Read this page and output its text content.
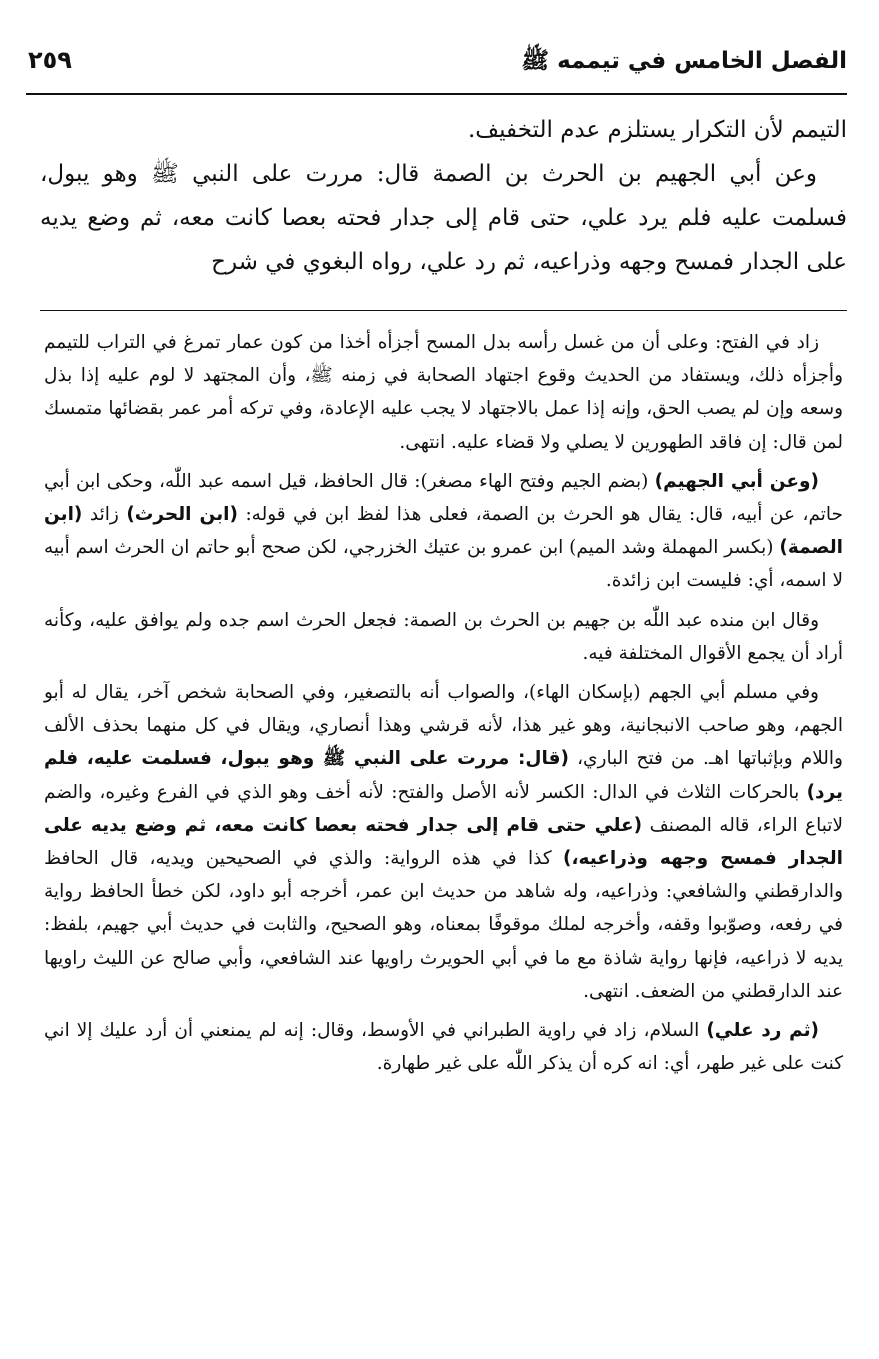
الفصل الخامس في تيممه ﷺ
٢٥٩

التيمم لأن التكرار يستلزم عدم التخفيف.

وعن أبي الجهيم بن الحرث بن الصمة قال: مررت على النبي ﷺ وهو يبول، فسلمت عليه فلم يرد علي، حتى قام إلى جدار فحته بعصا كانت معه، ثم وضع يديه على الجدار فمسح وجهه وذراعيه، ثم رد علي، رواه البغوي في شرح

زاد في الفتح: وعلى أن من غسل رأسه بدل المسح أجزأه أخذا من كون عمار تمرغ في التراب للتيمم وأجزأه ذلك، ويستفاد من الحديث وقوع اجتهاد الصحابة في زمنه ﷺ، وأن المجتهد لا لوم عليه إذا بذل وسعه وإن لم يصب الحق، وإنه إذا عمل بالاجتهاد لا يجب عليه الإعادة، وفي تركه أمر عمر بقضائها متمسك لمن قال: إن فاقد الطهورين لا يصلي ولا قضاء عليه. انتهى.

(وعن أبي الجهيم) (بضم الجيم وفتح الهاء مصغر): قال الحافظ، قيل اسمه عبد اللّٰه، وحكى ابن أبي حاتم، عن أبيه، قال: يقال هو الحرث بن الصمة، فعلى هذا لفظ ابن في قوله: (ابن الحرث) زائد (ابن الصمة) (بكسر المهملة وشد الميم) ابن عمرو بن عتيك الخزرجي، لكن صحح أبو حاتم ان الحرث اسم أبيه لا اسمه، أي: فليست ابن زائدة.

وقال ابن منده عبد اللّٰه بن جهيم بن الحرث بن الصمة: فجعل الحرث اسم جده ولم يوافق عليه، وكأنه أراد أن يجمع الأقوال المختلفة فيه.

وفي مسلم أبي الجهم (بإسكان الهاء)، والصواب أنه بالتصغير، وفي الصحابة شخص آخر، يقال له أبو الجهم، وهو صاحب الانبجانية، وهو غير هذا، لأنه قرشي وهذا أنصاري، ويقال في كل منهما بحذف الألف واللام وبإثباتها اهـ. من فتح الباري، (قال: مررت على النبي ﷺ وهو يبول، فسلمت عليه، فلم يرد) بالحركات الثلاث في الدال: الكسر لأنه الأصل والفتح: لأنه أخف وهو الذي في الفرع وغيره، والضم لاتباع الراء، قاله المصنف (علي حتى قام إلى جدار فحته بعصا كانت معه، ثم وضع يديه على الجدار فمسح وجهه وذراعيه،) كذا في هذه الرواية: والذي في الصحيحين ويديه، قال الحافظ والدارقطني والشافعي: وذراعيه، وله شاهد من حديث ابن عمر، أخرجه أبو داود، لكن خطأ الحافظ رواية في رفعه، وصوّبوا وقفه، وأخرجه لملك موقوفًا بمعناه، وهو الصحيح، والثابت في حديث أبي جهيم، بلفظ: يديه لا ذراعيه، فإنها رواية شاذة مع ما في أبي الحويرث راويها عند الشافعي، وأبي صالح عن الليث راويها عند الدارقطني من الضعف. انتهى.

(ثم رد علي) السلام، زاد في راوية الطبراني في الأوسط، وقال: إنه لم يمنعني أن أرد عليك إلا اني كنت على غير طهر، أي: انه كره أن يذكر اللّٰه على غير طهارة.
